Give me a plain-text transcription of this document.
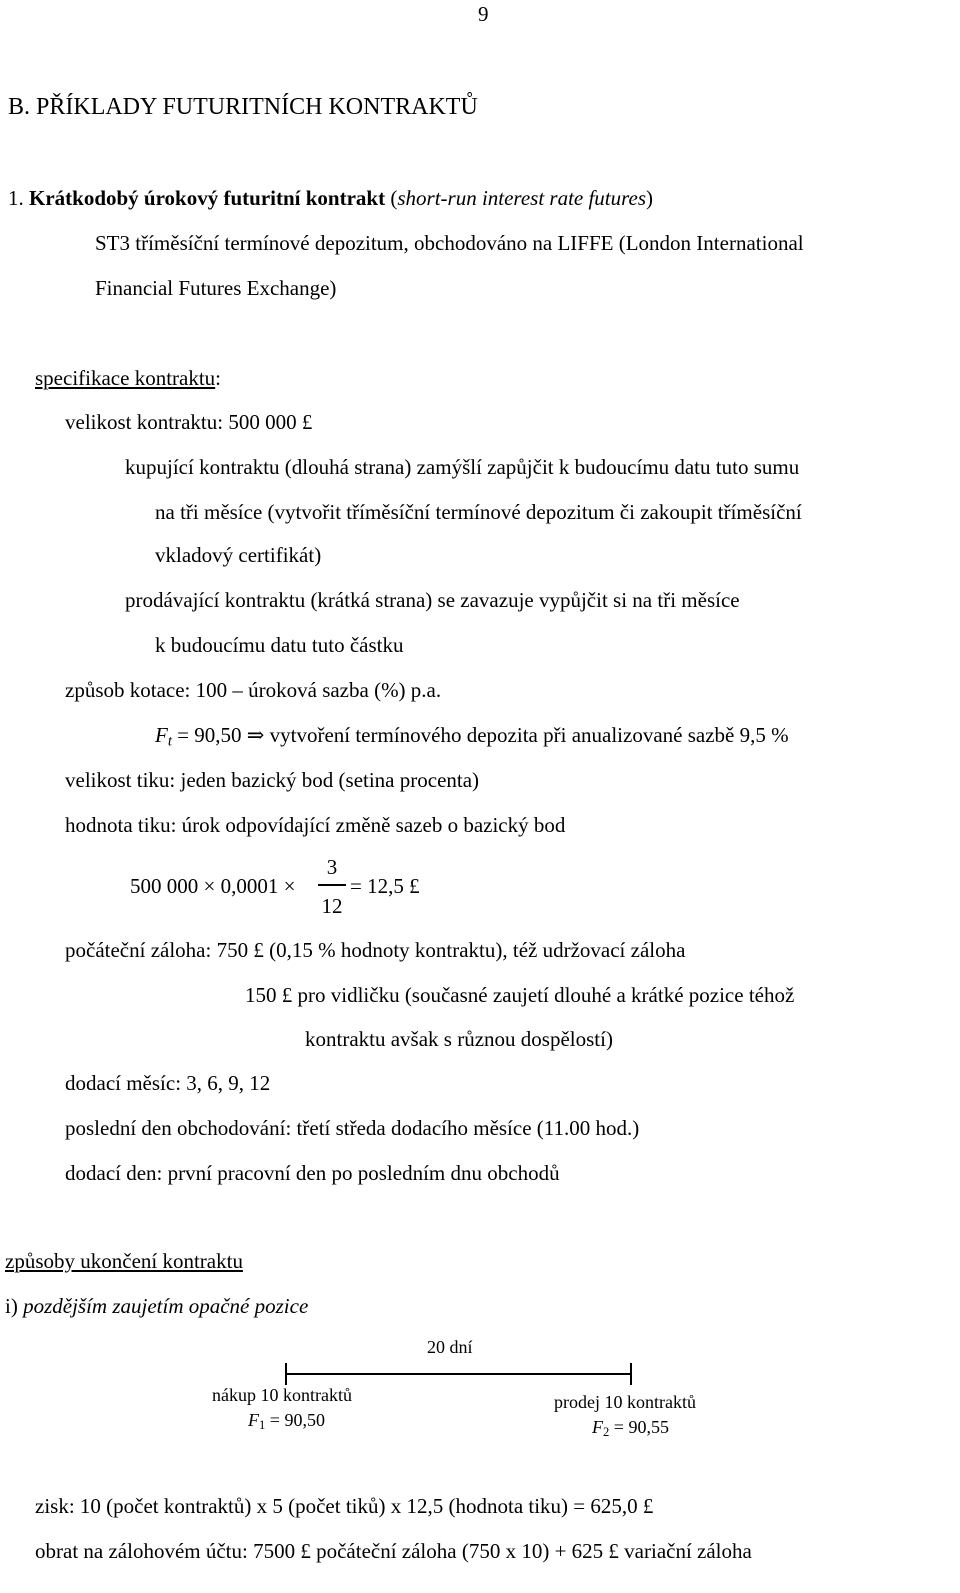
9
B. PŘÍKLADY FUTURITNÍCH KONTRAKTŮ
1. Krátkodobý úrokový futuritní kontrakt (short-run interest rate futures)
ST3 tříměsíční termínové depozitum, obchodováno na LIFFE (London International
Financial Futures Exchange)
specifikace kontraktu:
velikost kontraktu: 500 000 £
kupující kontraktu (dlouhá strana) zamýšlí zapůjčit k budoucímu datu tuto sumu
na tři měsíce (vytvořit tříměsíční termínové depozitum či zakoupit tříměsíční
vkladový certifikát)
prodávající kontraktu (krátká strana) se zavazuje vypůjčit si na tři měsíce
k budoucímu datu tuto částku
způsob kotace: 100 – úroková sazba (%) p.a.
$F_t = 90,50$ ⇒ vytvoření termínového depozita při anualizované sazbě 9,5 %
velikost tiku: jeden bazický bod (setina procenta)
hodnota tiku: úrok odpovídající změně sazeb o bazický bod
500 000 × 0,0001 ×
3
12
= 12,5 £
počáteční záloha: 750 £ (0,15 % hodnoty kontraktu), též udržovací záloha
150 £ pro vidličku (současné zaujetí dlouhé a krátké pozice téhož
kontraktu avšak s různou dospělostí)
dodací měsíc: 3, 6, 9, 12
poslední den obchodování: třetí středa dodacího měsíce (11.00 hod.)
dodací den: první pracovní den po posledním dnu obchodů
způsoby ukončení kontraktu
i) pozdějším zaujetím opačné pozice
20 dní
nákup 10 kontraktů
$F_1 = 90,50$
prodej 10 kontraktů
$F_2 = 90,55$
zisk: 10 (počet kontraktů) x 5 (počet tiků) x 12,5 (hodnota tiku) = 625,0 £
obrat na zálohovém účtu: 7500 £ počáteční záloha (750 x 10) + 625 £ variační záloha
